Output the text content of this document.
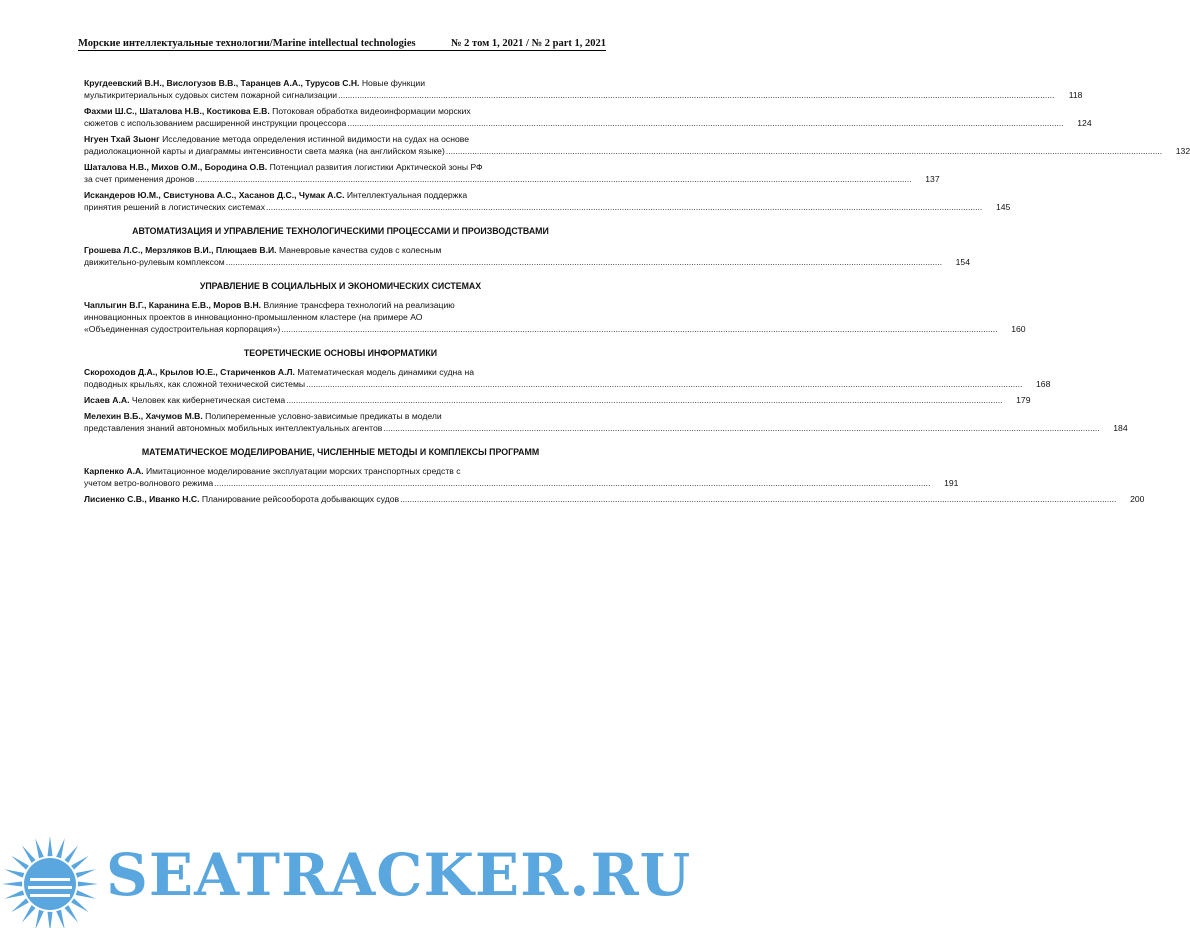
Морские интеллектуальные технологии/Marine intellectual technologies	№ 2 том 1, 2021 / № 2 part 1, 2021
Кругдеевский В.Н., Вислогузов В.В., Таранцев А.А., Турусов С.Н. Новые функции
мультикритериальных судовых систем пожарной сигнализации ............................................................................................................................................................................................................................................................................................................	118
Фахми Ш.С., Шаталова Н.В., Костикова Е.В. Потоковая обработка видеоинформации морских
сюжетов с использованием расширенной инструкции процессора ............................................................................................................................................................................................................................................................................................................	124
Нгуен Тхай Зыонг Исследование метода определения истинной видимости на судах на основе
радиолокационной карты и диаграммы интенсивности света маяка (на английском языке) ............................................................................................................................................................................................................................................................................................................	132
Шаталова Н.В., Михов О.М., Бородина О.В. Потенциал развития логистики Арктической зоны РФ
за счет применения дронов ............................................................................................................................................................................................................................................................................................................	137
Искандеров Ю.М., Свистунова А.С., Хасанов Д.С., Чумак А.С. Интеллектуальная поддержка
принятия решений в логистических системах ............................................................................................................................................................................................................................................................................................................	145
АВТОМАТИЗАЦИЯ И УПРАВЛЕНИЕ ТЕХНОЛОГИЧЕСКИМИ ПРОЦЕССАМИ И ПРОИЗВОДСТВАМИ
Грошева Л.С., Мерзляков В.И., Плющаев В.И. Маневровые качества судов с колесным
движительно-рулевым комплексом ............................................................................................................................................................................................................................................................................................................	154
УПРАВЛЕНИЕ В СОЦИАЛЬНЫХ И ЭКОНОМИЧЕСКИХ СИСТЕМАХ
Чаплыгин В.Г., Каранина Е.В., Моров В.Н. Влияние трансфера технологий на реализацию
инновационных проектов в инновационно-промышленном кластере (на примере АО
«Объединенная судостроительная корпорация») ............................................................................................................................................................................................................................................................................................................	160
ТЕОРЕТИЧЕСКИЕ ОСНОВЫ ИНФОРМАТИКИ
Скороходов Д.А., Крылов Ю.Е., Стариченков А.Л. Математическая модель динамики судна на
подводных крыльях, как сложной технической системы ............................................................................................................................................................................................................................................................................................................	168
Исаев А.А. Человек как кибернетическая система ............................................................................................................................................................................................................................................................................................................	179
Мелехин В.Б., Хачумов М.В. Полипеременные условно-зависимые предикаты в модели
представления знаний автономных мобильных интеллектуальных агентов ............................................................................................................................................................................................................................................................................................................	184
МАТЕМАТИЧЕСКОЕ МОДЕЛИРОВАНИЕ, ЧИСЛЕННЫЕ МЕТОДЫ И КОМПЛЕКСЫ ПРОГРАММ
Карпенко А.А. Имитационное моделирование эксплуатации морских транспортных средств с
учетом ветро-волнового режима ............................................................................................................................................................................................................................................................................................................	191
Лисиенко С.В., Иванко Н.С. Планирование рейсооборота добывающих судов ............................................................................................................................................................................................................................................................................................................	200
SEATRACKER.RU
